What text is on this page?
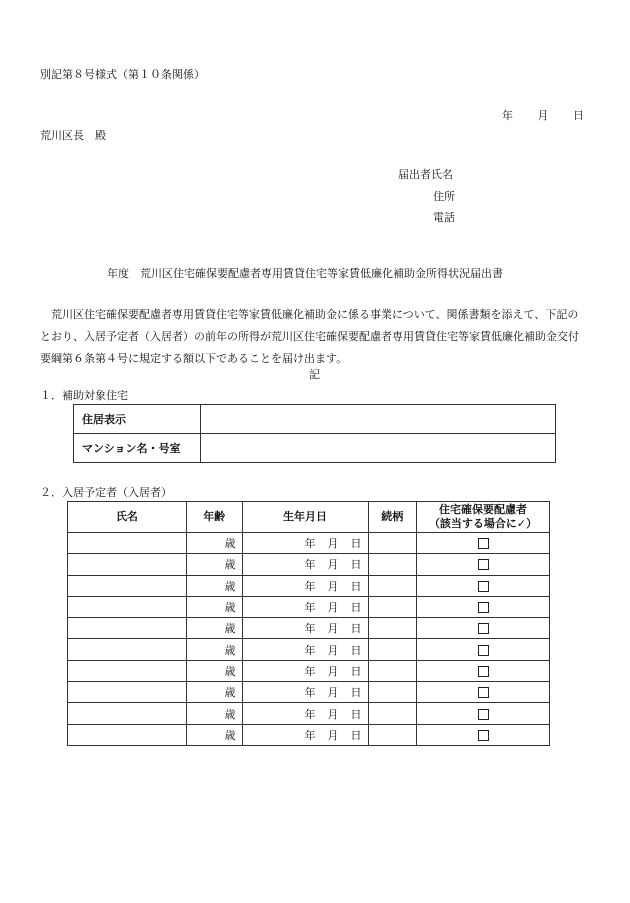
別記第８号様式（第１０条関係）
年 月 日
荒川区長　殿
届出者氏名
住所
電話
年度　荒川区住宅確保要配慮者専用賃貸住宅等家賃低廉化補助金所得状況届出書
荒川区住宅確保要配慮者専用賃貸住宅等家賃低廉化補助金に係る事業について、関係書類を添えて、下記のとおり、入居予定者（入居者）の前年の所得が荒川区住宅確保要配慮者専用賃貸住宅等家賃低廉化補助金交付要綱第６条第４号に規定する額以下であることを届け出ます。
記
１．補助対象住宅
住居表示	
マンション名・号室	
２．入居予定者（入居者）
氏名	年齢	生年月日	続柄	住宅確保要配慮者
（該当する場合に✓）

	歳	年 月 日		
	歳	年 月 日		
	歳	年 月 日		
	歳	年 月 日		
	歳	年 月 日		
	歳	年 月 日		
	歳	年 月 日		
	歳	年 月 日		
	歳	年 月 日		
	歳	年 月 日		
